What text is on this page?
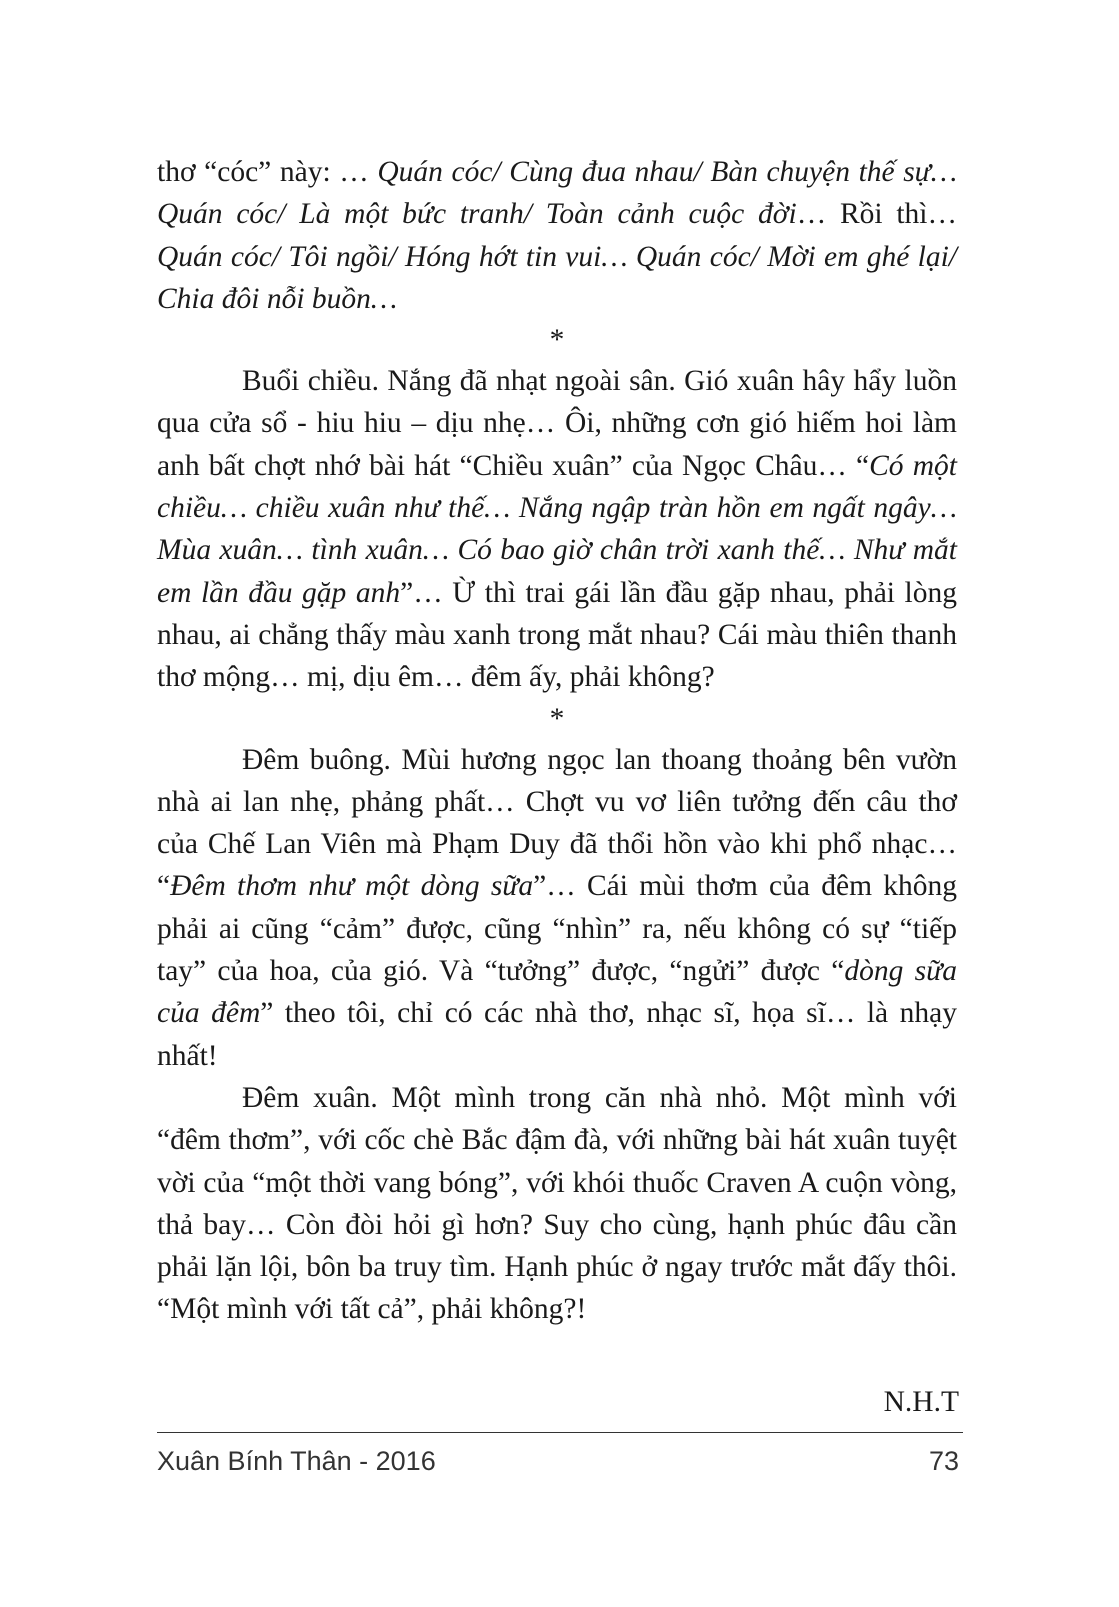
thơ “cóc” này: … Quán cóc/ Cùng đua nhau/ Bàn chuyện thế sự… Quán cóc/ Là một bức tranh/ Toàn cảnh cuộc đời… Rồi thì… Quán cóc/ Tôi ngồi/ Hóng hớt tin vui… Quán cóc/ Mời em ghé lại/ Chia đôi nỗi buồn…

*

Buổi chiều. Nắng đã nhạt ngoài sân. Gió xuân hây hẩy luồn qua cửa sổ - hiu hiu – dịu nhẹ… Ôi, những cơn gió hiếm hoi làm anh bất chợt nhớ bài hát “Chiều xuân” của Ngọc Châu… “Có một chiều… chiều xuân như thế… Nắng ngập tràn hồn em ngất ngây… Mùa xuân… tình xuân… Có bao giờ chân trời xanh thế… Như mắt em lần đầu gặp anh”… Ừ thì trai gái lần đầu gặp nhau, phải lòng nhau, ai chẳng thấy màu xanh trong mắt nhau? Cái màu thiên thanh thơ mộng… mị, dịu êm… đêm ấy, phải không?

*

Đêm buông. Mùi hương ngọc lan thoang thoảng bên vườn nhà ai lan nhẹ, phảng phất… Chợt vu vơ liên tưởng đến câu thơ của Chế Lan Viên mà Phạm Duy đã thổi hồn vào khi phổ nhạc… “Đêm thơm như một dòng sữa”… Cái mùi thơm của đêm không phải ai cũng “cảm” được, cũng “nhìn” ra, nếu không có sự “tiếp tay” của hoa, của gió. Và “tưởng” được, “ngửi” được “dòng sữa của đêm” theo tôi, chỉ có các nhà thơ, nhạc sĩ, họa sĩ… là nhạy nhất!

Đêm xuân. Một mình trong căn nhà nhỏ. Một mình với “đêm thơm”, với cốc chè Bắc đậm đà, với những bài hát xuân tuyệt vời của “một thời vang bóng”, với khói thuốc Craven A cuộn vòng, thả bay… Còn đòi hỏi gì hơn? Suy cho cùng, hạnh phúc đâu cần phải lặn lội, bôn ba truy tìm. Hạnh phúc ở ngay trước mắt đấy thôi. “Một mình với tất cả”, phải không?!

N.H.T
Xuân Bính Thân - 2016	73
